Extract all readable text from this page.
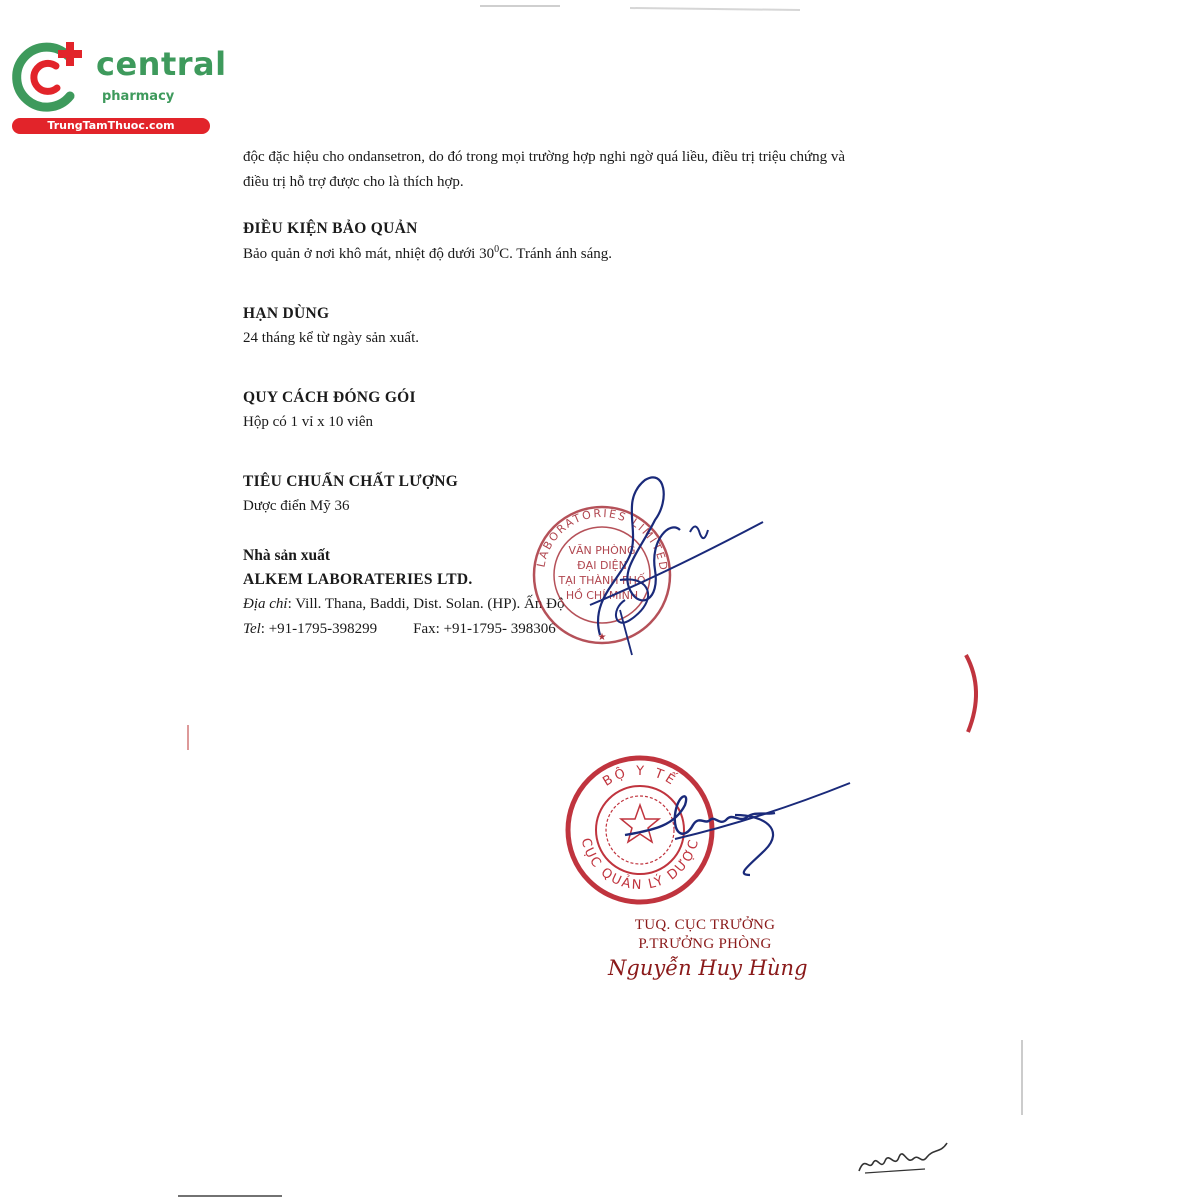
central
pharmacy
TrungTamThuoc.com
độc đặc hiệu cho ondansetron, do đó trong mọi trường hợp nghi ngờ quá liều, điều trị triệu chứng và
điều trị hỗ trợ được cho là thích hợp.
ĐIỀU KIỆN BẢO QUẢN
Bảo quản ở nơi khô mát, nhiệt độ dưới $30^0C$. Tránh ánh sáng.
HẠN DÙNG
24 tháng kể từ ngày sản xuất.
QUY CÁCH ĐÓNG GÓI
Hộp có 1 vỉ x 10 viên
TIÊU CHUẨN CHẤT LƯỢNG
Dược điển Mỹ 36
Nhà sản xuất
ALKEM LABORATERIES LTD.
Địa chỉ: Vill. Thana, Baddi, Dist. Solan. (HP). Ấn Độ
Tel: +91-1795-398299 Fax: +91-1795- 398306
LABORATORIES LIMITED
★
VĂN PHÒNG
ĐẠI DIỆN
TẠI THÀNH PHỐ
HỒ CHÍ MINH
BỘ Y TẾ
CỤC QUẢN LÝ DƯỢC
TUQ. CỤC TRƯỞNG
P.TRƯỞNG PHÒNG
Nguyễn Huy Hùng
